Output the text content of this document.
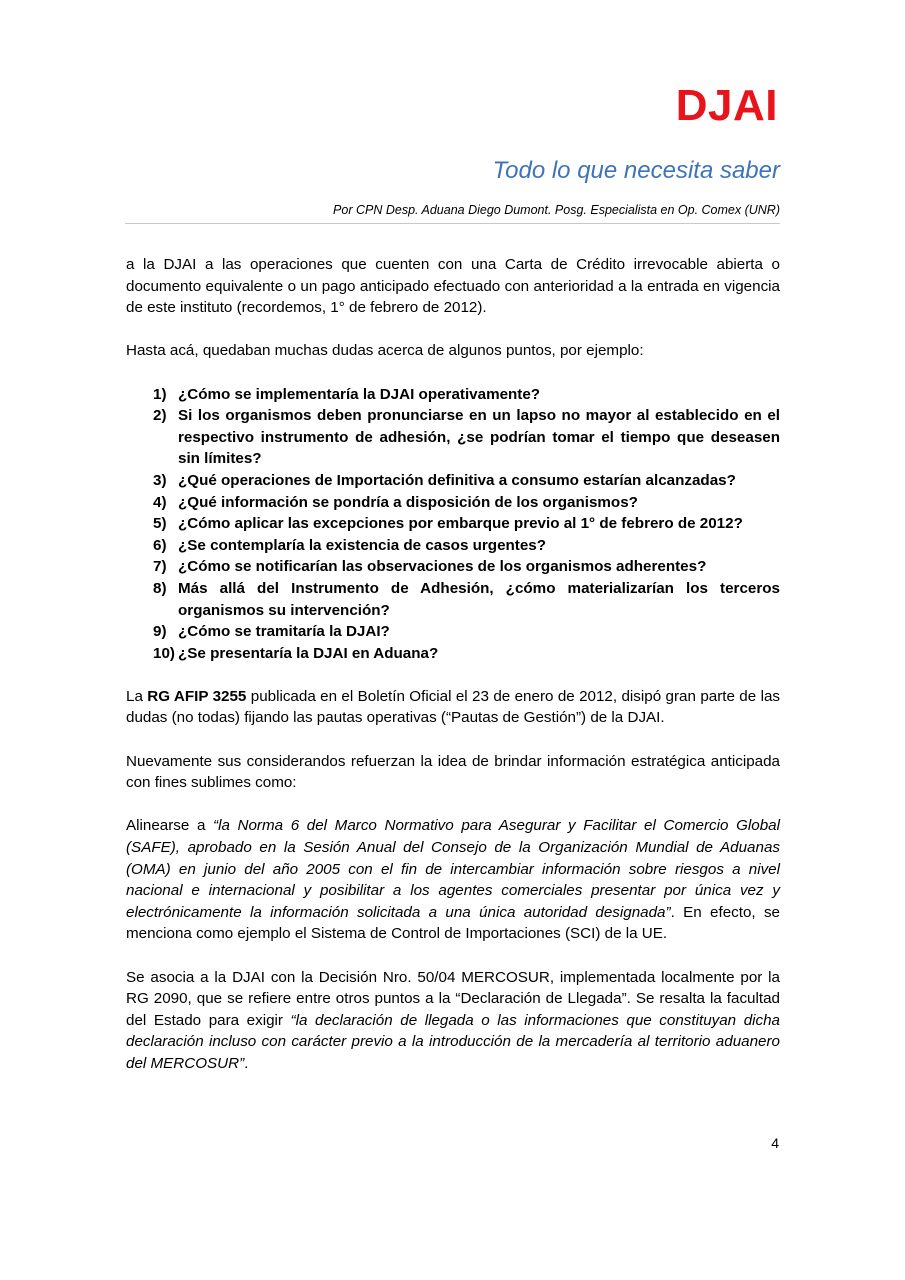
DJAI
Todo lo que necesita saber
Por CPN Desp. Aduana Diego Dumont. Posg. Especialista en Op. Comex (UNR)

a la DJAI a las operaciones que cuenten con una Carta de Crédito irrevocable abierta o documento equivalente o un pago anticipado efectuado con anterioridad a la entrada en vigencia de este instituto (recordemos, 1° de febrero de 2012).

Hasta acá, quedaban muchas dudas acerca de algunos puntos, por ejemplo:

1) ¿Cómo se implementaría la DJAI operativamente?
2) Si los organismos deben pronunciarse en un lapso no mayor al establecido en el respectivo instrumento de adhesión, ¿se podrían tomar el tiempo que deseasen sin límites?
3) ¿Qué operaciones de Importación definitiva a consumo estarían alcanzadas?
4) ¿Qué información se pondría a disposición de los organismos?
5) ¿Cómo aplicar las excepciones por embarque previo al 1° de febrero de 2012?
6) ¿Se contemplaría la existencia de casos urgentes?
7) ¿Cómo se notificarían las observaciones de los organismos adherentes?
8) Más allá del Instrumento de Adhesión, ¿cómo materializarían los terceros organismos su intervención?
9) ¿Cómo se tramitaría la DJAI?
10) ¿Se presentaría la DJAI en Aduana?

La RG AFIP 3255 publicada en el Boletín Oficial el 23 de enero de 2012, disipó gran parte de las dudas (no todas) fijando las pautas operativas (“Pautas de Gestión”) de la DJAI.

Nuevamente sus considerandos refuerzan la idea de brindar información estratégica anticipada con fines sublimes como:

Alinearse a “la Norma 6 del Marco Normativo para Asegurar y Facilitar el Comercio Global (SAFE), aprobado en la Sesión Anual del Consejo de la Organización Mundial de Aduanas (OMA) en junio del año 2005 con el fin de intercambiar información sobre riesgos a nivel nacional e internacional y posibilitar a los agentes comerciales presentar por única vez y electrónicamente la información solicitada a una única autoridad designada”. En efecto, se menciona como ejemplo el Sistema de Control de Importaciones (SCI) de la UE.

Se asocia a la DJAI con la Decisión Nro. 50/04 MERCOSUR, implementada localmente por la RG 2090, que se refiere entre otros puntos a la “Declaración de Llegada”. Se resalta la facultad del Estado para exigir “la declaración de llegada o las informaciones que constituyan dicha declaración incluso con carácter previo a la introducción de la mercadería al territorio aduanero del MERCOSUR”.

4
